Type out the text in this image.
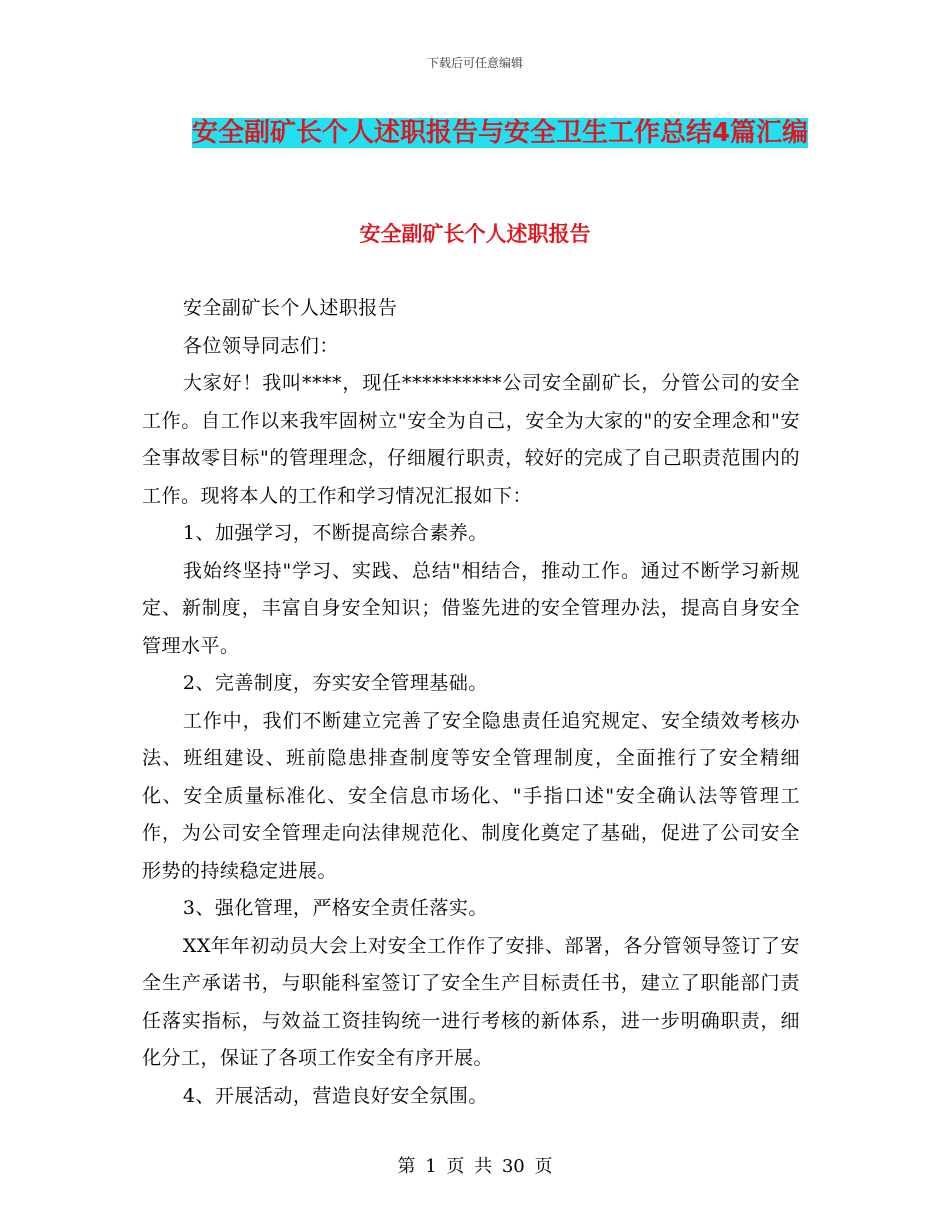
下载后可任意编辑
安全副矿长个人述职报告与安全卫生工作总结4篇汇编
安全副矿长个人述职报告

安全副矿长个人述职报告

各位领导同志们：

大家好！我叫****，现任**********公司安全副矿长，分管公司的安全工作。自工作以来我牢固树立"安全为自己，安全为大家的"的安全理念和"安全事故零目标"的管理理念，仔细履行职责，较好的完成了自己职责范围内的工作。现将本人的工作和学习情况汇报如下：

1、加强学习，不断提高综合素养。

我始终坚持"学习、实践、总结"相结合，推动工作。通过不断学习新规定、新制度，丰富自身安全知识；借鉴先进的安全管理办法，提高自身安全管理水平。

2、完善制度，夯实安全管理基础。

工作中，我们不断建立完善了安全隐患责任追究规定、安全绩效考核办法、班组建设、班前隐患排查制度等安全管理制度，全面推行了安全精细化、安全质量标准化、安全信息市场化、"手指口述"安全确认法等管理工作，为公司安全管理走向法律规范化、制度化奠定了基础，促进了公司安全形势的持续稳定进展。

3、强化管理，严格安全责任落实。

XX年年初动员大会上对安全工作作了安排、部署，各分管领导签订了安全生产承诺书，与职能科室签订了安全生产目标责任书，建立了职能部门责任落实指标，与效益工资挂钩统一进行考核的新体系，进一步明确职责，细化分工，保证了各项工作安全有序开展。

4、开展活动，营造良好安全氛围。

第 1 页 共 30 页
